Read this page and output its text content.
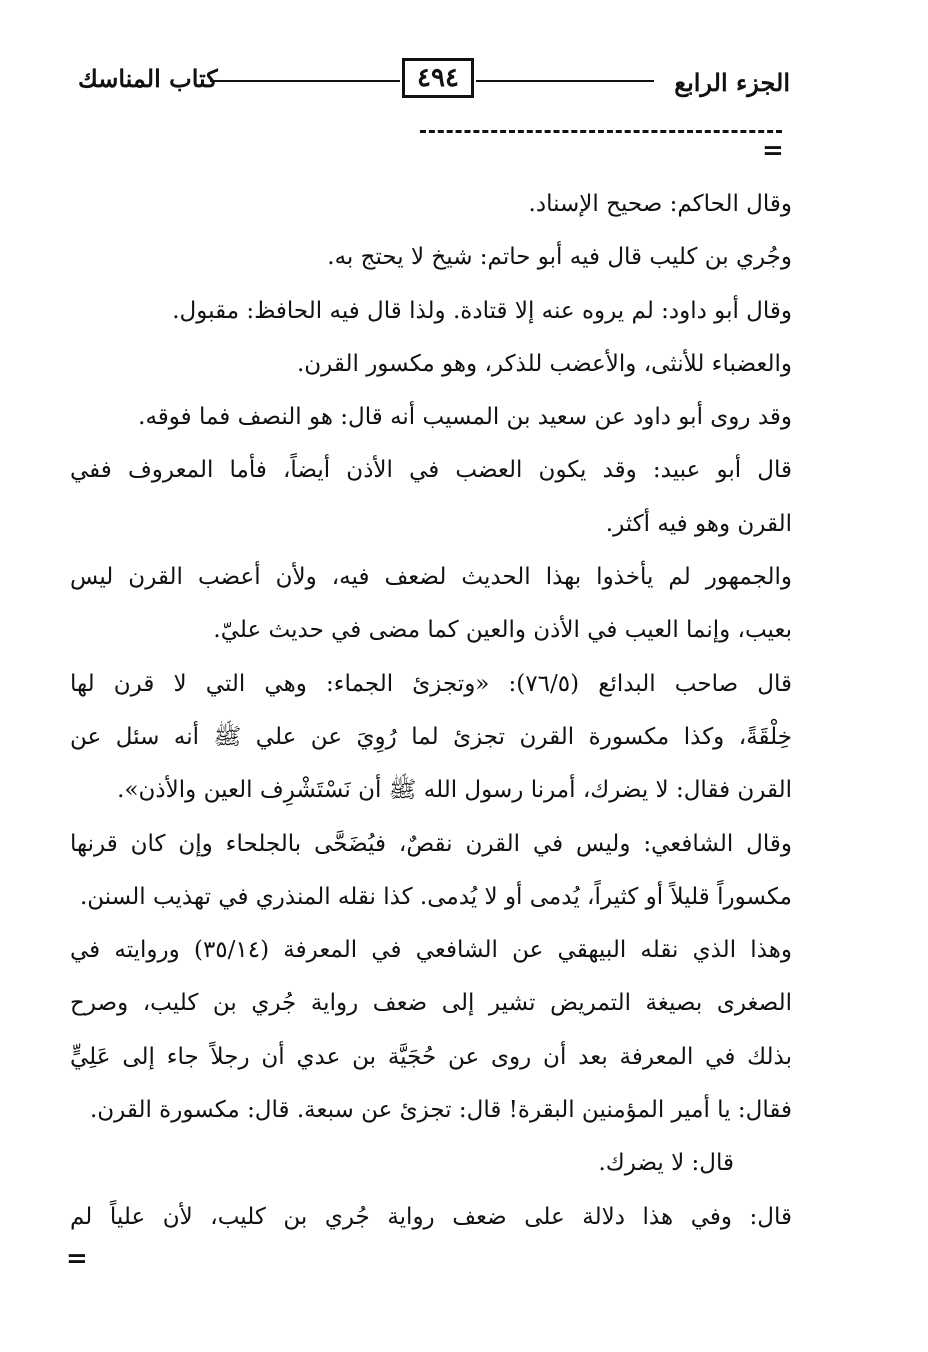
الجزء الرابع
٤٩٤
كتاب المناسك
=
وقال الحاكم: صحيح الإسناد.
وجُري بن كليب قال فيه أبو حاتم: شيخ لا يحتج به.
وقال أبو داود: لم يروه عنه إلا قتادة. ولذا قال فيه الحافظ: مقبول.
والعضباء للأنثى، والأعضب للذكر، وهو مكسور القرن.
وقد روى أبو داود عن سعيد بن المسيب أنه قال: هو النصف فما فوقه.
قال أبو عبيد: وقد يكون العضب في الأذن أيضاً، فأما المعروف ففي
القرن وهو فيه أكثر.
والجمهور لم يأخذوا بهذا الحديث لضعف فيه، ولأن أعضب القرن ليس
بعيب، وإنما العيب في الأذن والعين كما مضى في حديث عليّ.
قال صاحب البدائع (٧٦/٥): «وتجزئ الجماء: وهي التي لا قرن لها
خِلْقَةً، وكذا مكسورة القرن تجزئ لما رُوِيَ عن علي ﷺ أنه سئل عن
القرن فقال: لا يضرك، أمرنا رسول الله ﷺ أن نَسْتَشْرِف العين والأذن».
وقال الشافعي: وليس في القرن نقصٌ، فيُضَحَّى بالجلحاء وإن كان قرنها
مكسوراً قليلاً أو كثيراً، يُدمى أو لا يُدمى. كذا نقله المنذري في تهذيب السنن.
وهذا الذي نقله البيهقي عن الشافعي في المعرفة (٣٥/١٤) وروايته في
الصغرى بصيغة التمريض تشير إلى ضعف رواية جُري بن كليب، وصرح
بذلك في المعرفة بعد أن روى عن حُجَيَّة بن عدي أن رجلاً جاء إلى عَلِيٍّ
فقال: يا أمير المؤمنين البقرة! قال: تجزئ عن سبعة. قال: مكسورة القرن.
قال: لا يضرك.
قال: وفي هذا دلالة على ضعف رواية جُري بن كليب، لأن علياً لم
=
